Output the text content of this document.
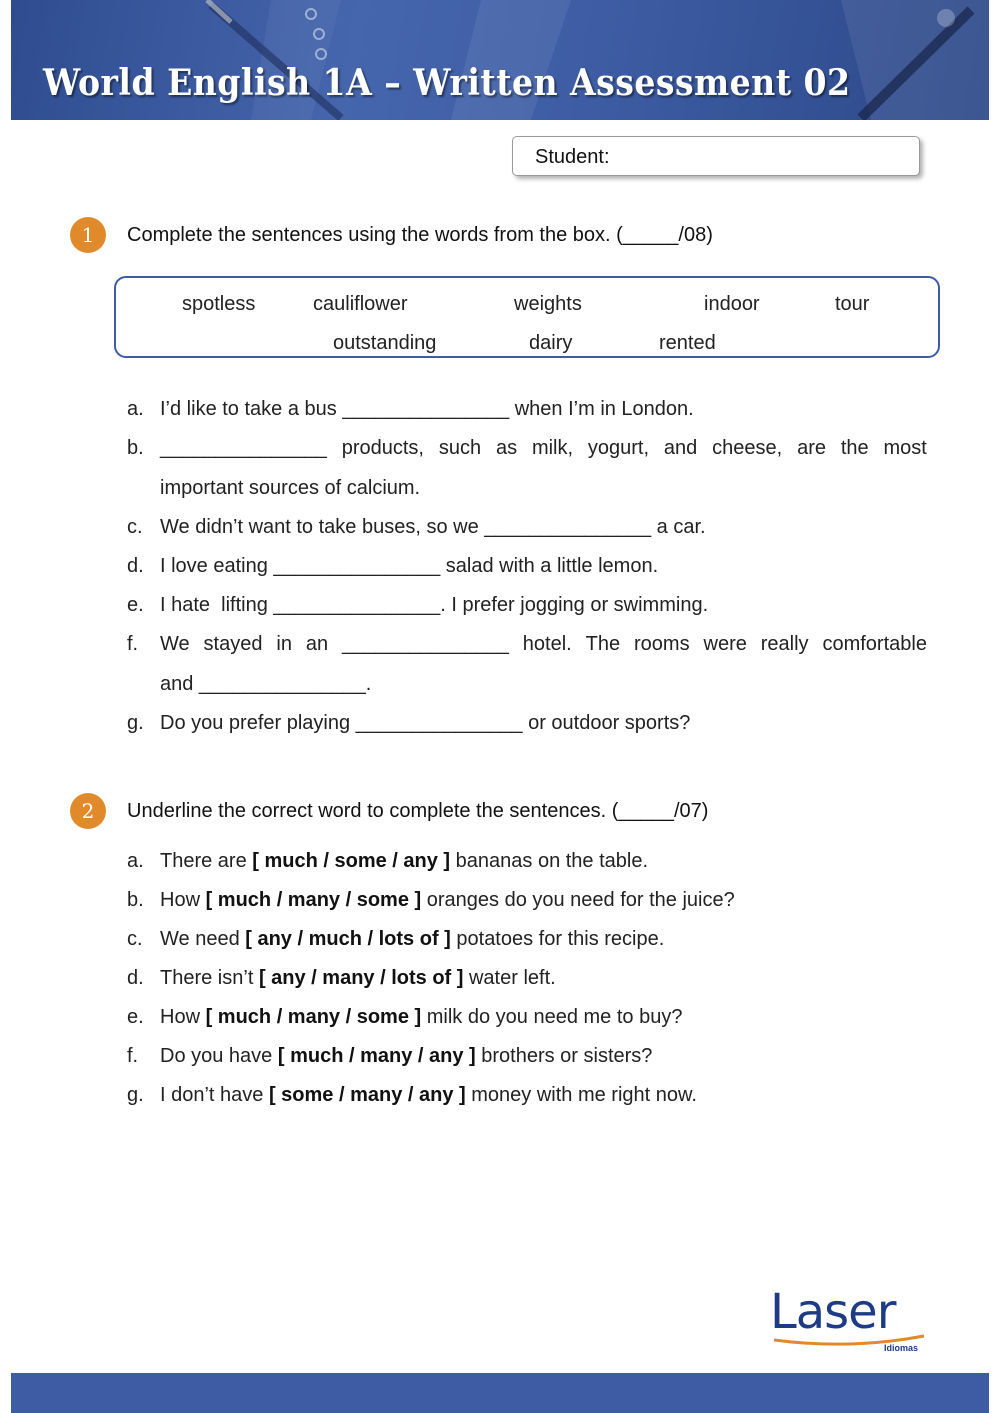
World English 1A – Written Assessment 02
Student:
1	Complete the sentences using the words from the box. (_____/08)
spotless	cauliflower	weights	indoor	tour
outstanding	dairy	rented
a. I’d like to take a bus _______________ when I’m in London.
b. _______________ products, such as milk, yogurt, and cheese, are the most
important sources of calcium.
c. We didn’t want to take buses, so we _______________ a car.
d. I love eating _______________ salad with a little lemon.
e. I hate  lifting _______________. I prefer jogging or swimming.
f. We stayed in an _______________ hotel. The rooms were really comfortable
and _______________.
g. Do you prefer playing _______________ or outdoor sports?
2	Underline the correct word to complete the sentences. (_____/07)
a. There are [ much / some / any ] bananas on the table.
b. How [ much / many / some ] oranges do you need for the juice?
c. We need [ any / much / lots of ] potatoes for this recipe.
d. There isn’t [ any / many / lots of ] water left.
e. How [ much / many / some ] milk do you need me to buy?
f. Do you have [ much / many / any ] brothers or sisters?
g. I don’t have [ some / many / any ] money with me right now.
Laser
Idiomas
